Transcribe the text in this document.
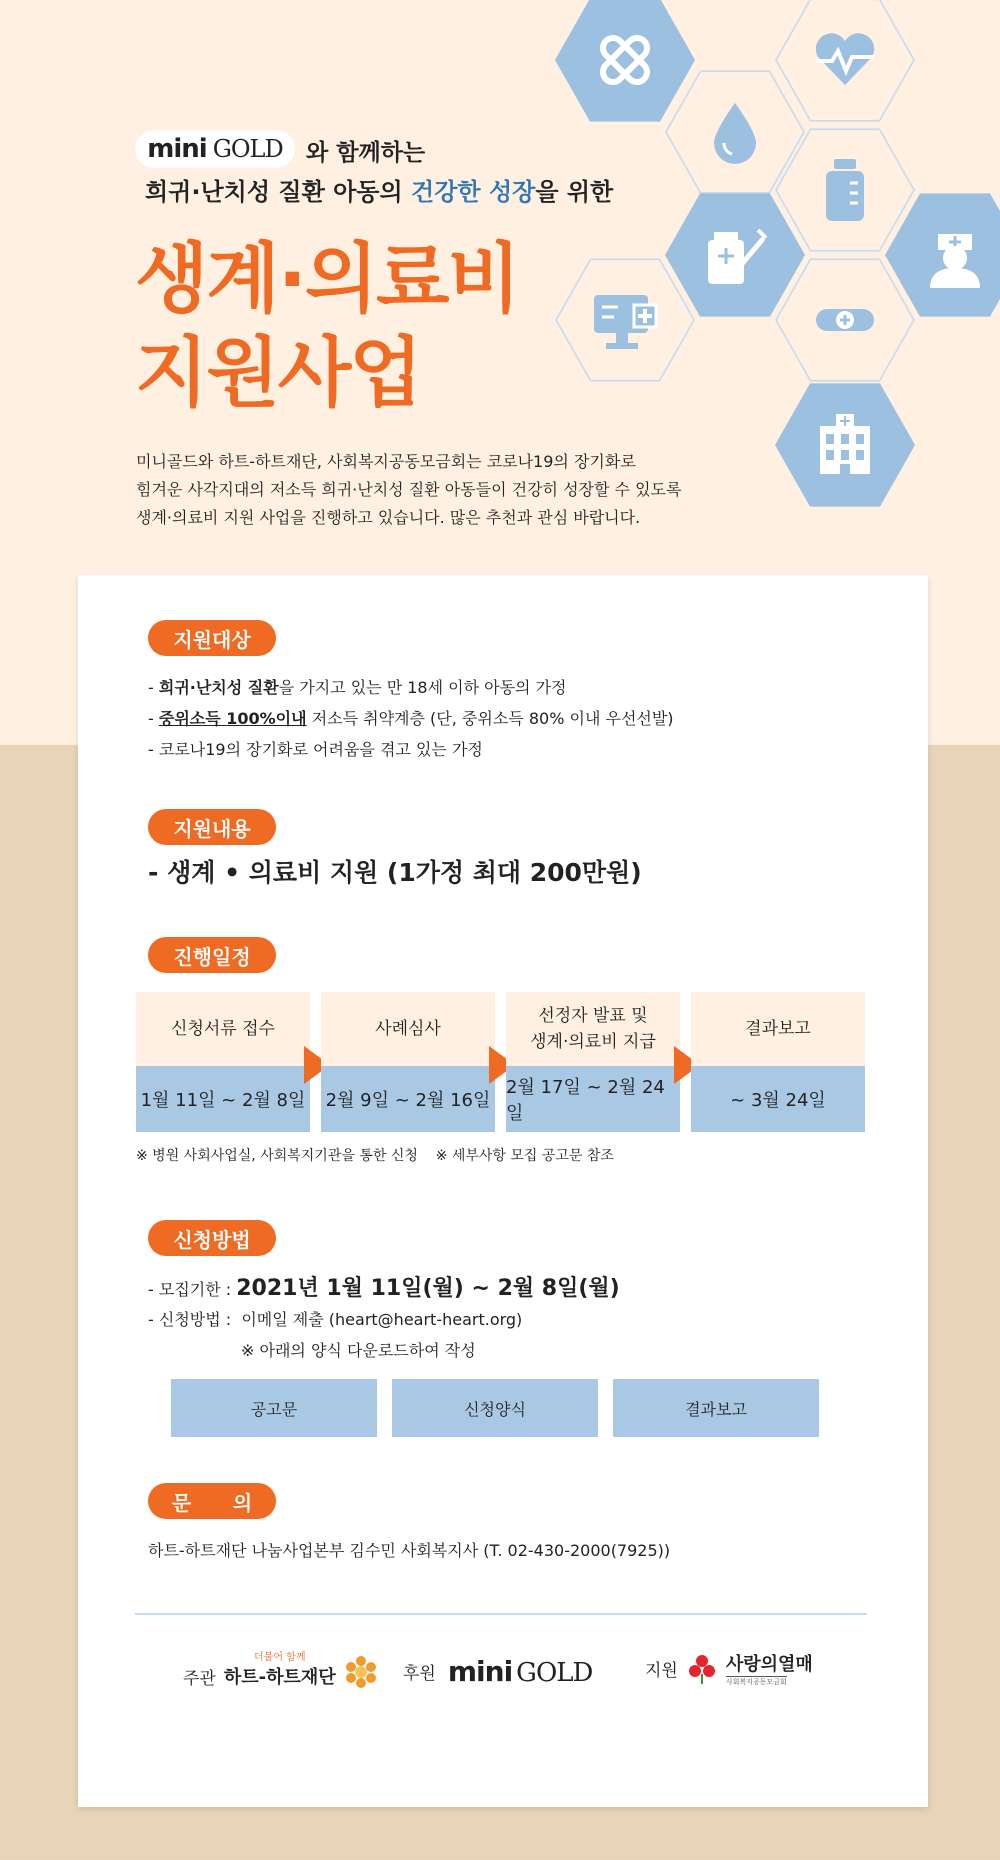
mini GOLD 와 함께하는
희귀·난치성 질환 아동의 건강한 성장을 위한
생계·의료비
지원사업
미니골드와 하트-하트재단, 사회복지공동모금회는 코로나19의 장기화로
힘겨운 사각지대의 저소득 희귀·난치성 질환 아동들이 건강히 성장할 수 있도록
생계·의료비 지원 사업을 진행하고 있습니다. 많은 추천과 관심 바랍니다.
지원대상
- 희귀·난치성 질환을 가지고 있는 만 18세 이하 아동의 가정
- 중위소득 100%이내 저소득 취약계층 (단, 중위소득 80% 이내 우선선발)
- 코로나19의 장기화로 어려움을 겪고 있는 가정
지원내용
- 생계 • 의료비 지원 (1가정 최대 200만원)
진행일정
신청서류 접수
1월 11일 ~ 2월 8일
사례심사
2월 9일 ~ 2월 16일
선정자 발표 및
생계·의료비 지급
2월 17일 ~ 2월 24일
결과보고
~ 3월 24일
※ 병원 사회사업실, 사회복지기관을 통한 신청    ※ 세부사항 모집 공고문 참조
신청방법
- 모집기한 : 2021년 1월 11일(월) ~ 2월 8일(월)
- 신청방법 :  이메일 제출 (heart@heart-heart.org)
※ 아래의 양식 다운로드하여 작성
공고문	신청양식	결과보고
문      의
하트-하트재단 나눔사업본부 김수민 사회복지사 (T. 02-430-2000(7925))
주관
더불어 함께
하트-하트재단	후원 mini GOLD	지원	사랑의열매
사회복지공동모금회
